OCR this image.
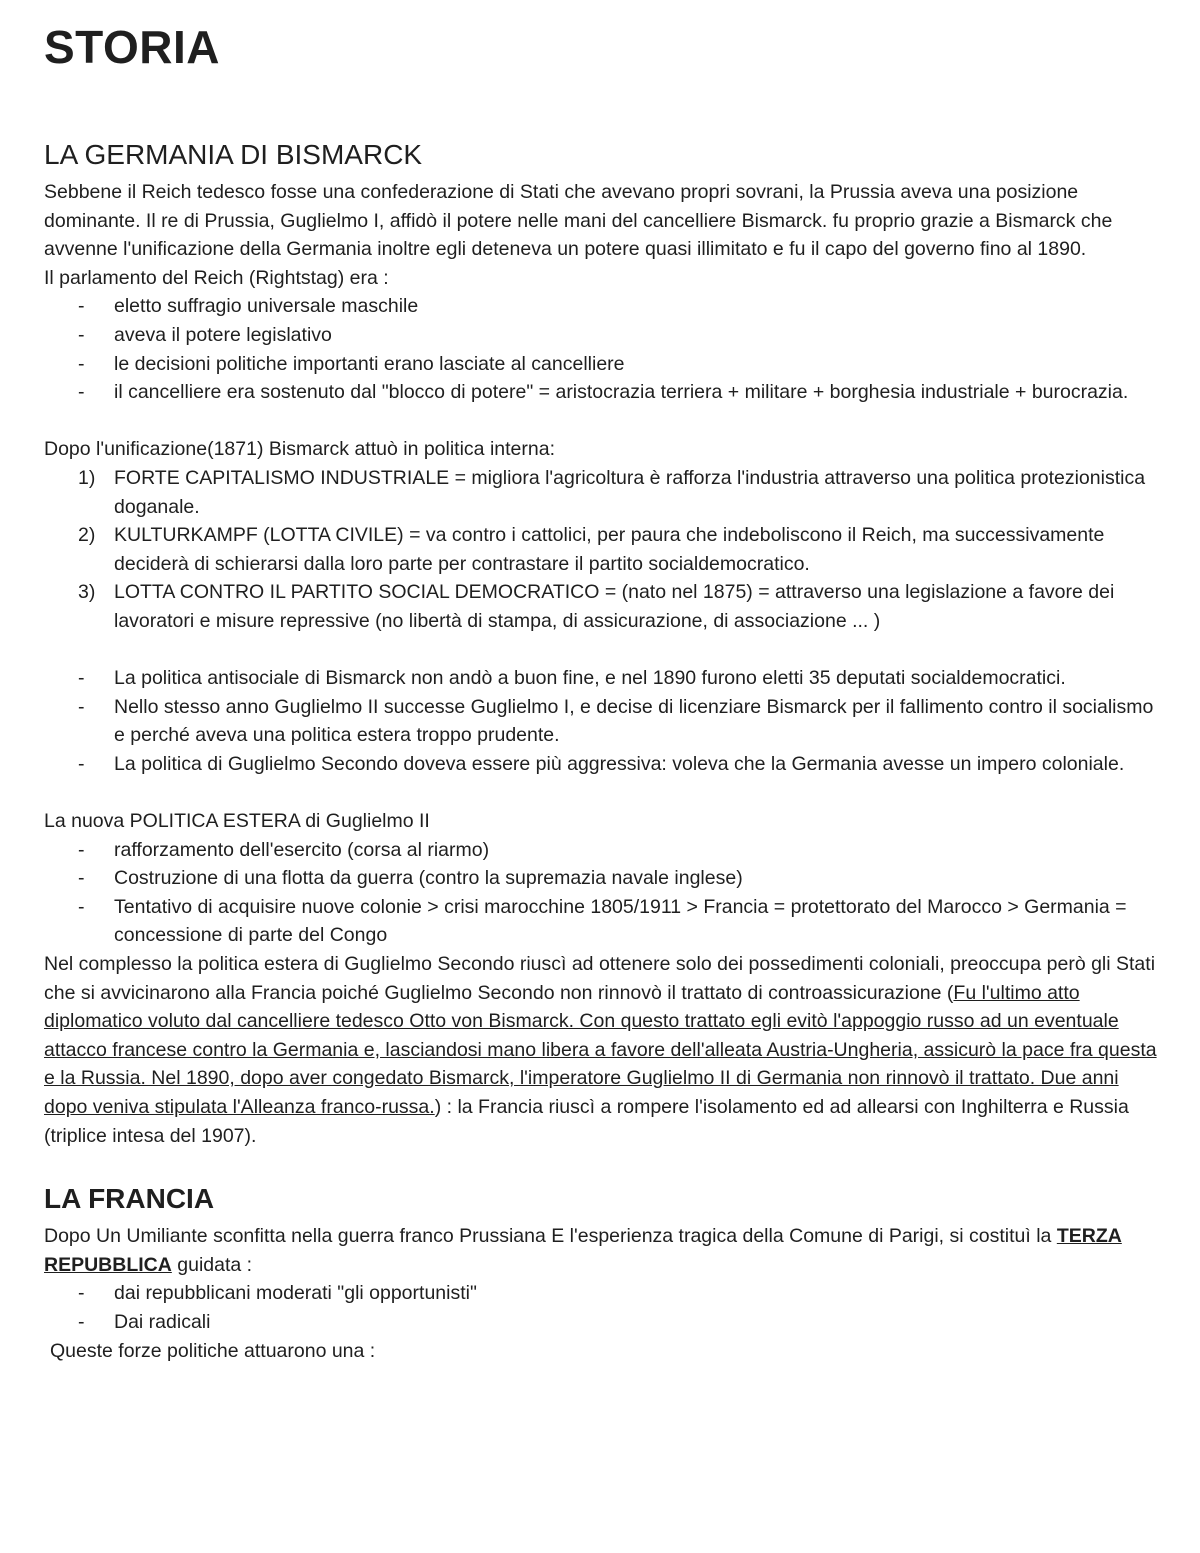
STORIA
LA GERMANIA DI BISMARCK

Sebbene il Reich tedesco fosse una confederazione di Stati che avevano propri sovrani, la Prussia aveva una posizione dominante. Il re di Prussia, Guglielmo I, affidò il potere nelle mani del cancelliere Bismarck. fu proprio grazie a Bismarck che avvenne l'unificazione della Germania inoltre egli deteneva un potere quasi illimitato e fu il capo del governo fino al 1890.

Il parlamento del Reich (Rightstag) era :

- eletto suffragio universale maschile
- aveva il potere legislativo
- le decisioni politiche importanti erano lasciate al cancelliere
- il cancelliere era sostenuto dal "blocco di potere" = aristocrazia terriera + militare + borghesia industriale + burocrazia.

Dopo l'unificazione(1871) Bismarck attuò in politica interna:

1) FORTE CAPITALISMO INDUSTRIALE = migliora l'agricoltura è rafforza l'industria attraverso una politica protezionistica doganale.
2) KULTURKAMPF (LOTTA CIVILE) = va contro i cattolici, per paura che indeboliscono il Reich, ma successivamente deciderà di schierarsi dalla loro parte per contrastare il partito socialdemocratico.
3) LOTTA CONTRO IL PARTITO SOCIAL DEMOCRATICO = (nato nel 1875) = attraverso una legislazione a favore dei lavoratori e misure repressive (no libertà di stampa, di assicurazione, di associazione ... )
- La politica antisociale di Bismarck non andò a buon fine, e nel 1890 furono eletti 35 deputati socialdemocratici.
- Nello stesso anno Guglielmo II successe Guglielmo I, e decise di licenziare Bismarck per il fallimento contro il socialismo e perché aveva una politica estera troppo prudente.
- La politica di Guglielmo Secondo doveva essere più aggressiva: voleva che la Germania avesse un impero coloniale.

La nuova POLITICA ESTERA di Guglielmo II

- rafforzamento dell'esercito (corsa al riarmo)
- Costruzione di una flotta da guerra (contro la supremazia navale inglese)
- Tentativo di acquisire nuove colonie > crisi marocchine 1805/1911 > Francia = protettorato del Marocco > Germania = concessione di parte del Congo

Nel complesso la politica estera di Guglielmo Secondo riuscì ad ottenere solo dei possedimenti coloniali, preoccupa però gli Stati che si avvicinarono alla Francia poiché Guglielmo Secondo non rinnovò il trattato di controassicurazione (Fu l'ultimo atto diplomatico voluto dal cancelliere tedesco Otto von Bismarck. Con questo trattato egli evitò l'appoggio russo ad un eventuale attacco francese contro la Germania e, lasciandosi mano libera a favore dell'alleata Austria-Ungheria, assicurò la pace fra questa e la Russia. Nel 1890, dopo aver congedato Bismarck, l'imperatore Guglielmo II di Germania non rinnovò il trattato. Due anni dopo veniva stipulata l'Alleanza franco-russa.) : la Francia riuscì a rompere l'isolamento ed ad allearsi con Inghilterra e Russia (triplice intesa del 1907).

LA FRANCIA

Dopo Un Umiliante sconfitta nella guerra franco Prussiana E l'esperienza tragica della Comune di Parigi, si costituì la TERZA REPUBBLICA guidata :

- dai repubblicani moderati "gli opportunisti"
- Dai radicali

Queste forze politiche attuarono una :
